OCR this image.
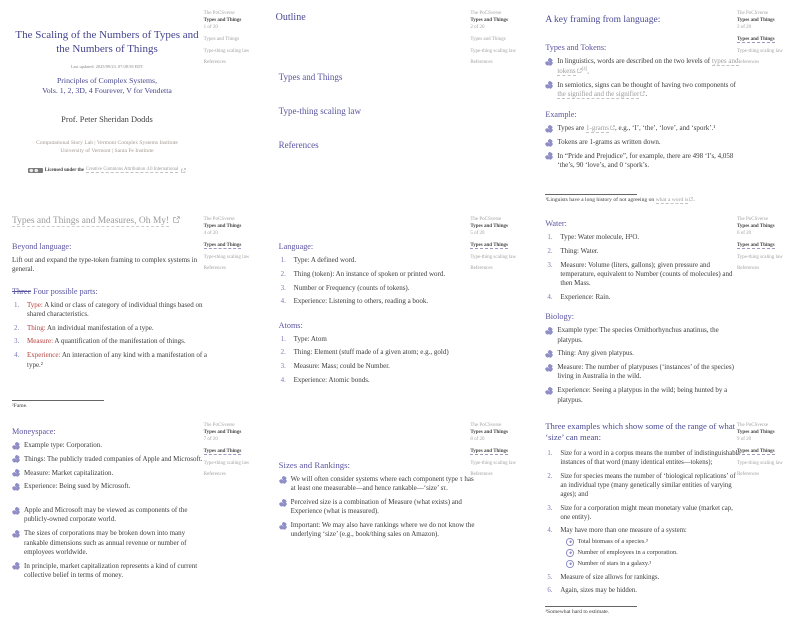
The Scaling of the Numbers of Types and the Numbers of Things
Last updated: 2025/09/23, 07:08:58 EDT
Principles of Complex Systems,
Vols. 1, 2, 3D, 4 Fourever, V for Vendetta
Prof. Peter Sheridan Dodds
Computational Story Lab | Vermont Complex Systems Institute
University of Vermont | Santa Fe Institute
Licensed under the Creative Commons Attribution 4.0 International
The PoCSverse
Types and Things
1 of 20
Types and Things
Type-thing scaling law
References
Outline
Types and Things
Type-thing scaling law
References
The PoCSverse
Types and Things
2 of 20
Types and Things
Type-thing scaling law
References
A key framing from language:
Types and Tokens:
In linguistics, words are described on the two levels of types and tokens [4].
In semiotics, signs can be thought of having two components of the signified and the signifier .
Example:
Types are 1-grams , e.g., ‘I’, ‘the’, ‘love’, and ‘spork’.¹
Tokens are 1-grams as written down.
In “Pride and Prejudice”, for example, there are 498 ‘I’s, 4,058 ‘the’s, 90 ‘love’s, and 0 ‘spork’s.
¹Linguists have a long history of not agreeing on what a word is .
The PoCSverse
Types and Things
3 of 20
Types and Things
Type-thing scaling law
References
Types and Things and Measures, Oh My!
Beyond language:
Lift out and expand the type-token framing to complex systems in general.
Three Four possible parts:
Type: A kind or class of category of individual things based on shared characteristics.
Thing: An individual manifestation of a type.
Measure: A quantification of the manifestation of things.
Experience: An interaction of any kind with a manifestation of a type.²
²Fame.
The PoCSverse
Types and Things
4 of 20
Types and Things
Type-thing scaling law
References
Language:
Type: A defined word.
Thing (token): An instance of spoken or printed word.
Number or Frequency (counts of tokens).
Experience: Listening to others, reading a book.
Atoms:
Type: Atom
Thing: Element (stuff made of a given atom; e.g., gold)
Measure: Mass; could be Number.
Experience: Atomic bonds.
The PoCSverse
Types and Things
5 of 20
Types and Things
Type-thing scaling law
References
Water:
Type: Water molecule, H²O.
Thing: Water.
Measure: Volume (liters, gallons); given pressure and temperature, equivalent to Number (counts of molecules) and then Mass.
Experience: Rain.
Biology:
Example type: The species Ornithorhynchus anatinus, the platypus.
Thing: Any given platypus.
Measure: The number of platypuses (‘instances’ of the species) living in Australia in the wild.
Experience: Seeing a platypus in the wild; being hunted by a platypus.
The PoCSverse
Types and Things
6 of 20
Types and Things
Type-thing scaling law
References
Moneyspace:
Example type: Corporation.
Things: The publicly traded companies of Apple and Microsoft.
Measure: Market capitalization.
Experience: Being sued by Microsoft.
Apple and Microsoft may be viewed as components of the publicly-owned corporate world.
The sizes of corporations may be broken down into many rankable dimensions such as annual revenue or number of employees worldwide.
In principle, market capitalization represents a kind of current collective belief in terms of money.
The PoCSverse
Types and Things
7 of 20
Types and Things
Type-thing scaling law
References
Sizes and Rankings:
We will often consider systems where each component type τ has at least one measurable—and hence rankable—‘size’ sτ.
Perceived size is a combination of Measure (what exists) and Experience (what is measured).
Important: We may also have rankings where we do not know the underlying ‘size’ (e.g., book/thing sales on Amazon).
The PoCSverse
Types and Things
8 of 20
Types and Things
Type-thing scaling law
References
Three examples which show some of the range of what ‘size’ can mean:
Size for a word in a corpus means the number of indistinguishable instances of that word (many identical entites—tokens);
Size for species means the number of ‘biological replications’ of an individual type (many genetically similar entities of varying ages); and
Size for a corporation might mean monetary value (market cap, one entity).
May have more than one measure of a system:
Total biomass of a species.³
Number of employees in a corporation.
Number of stars in a galaxy.³
Measure of size allows for rankings.
Again, sizes may be hidden.
³Somewhat hard to estimate.
The PoCSverse
Types and Things
9 of 20
Types and Things
Type-thing scaling law
References
